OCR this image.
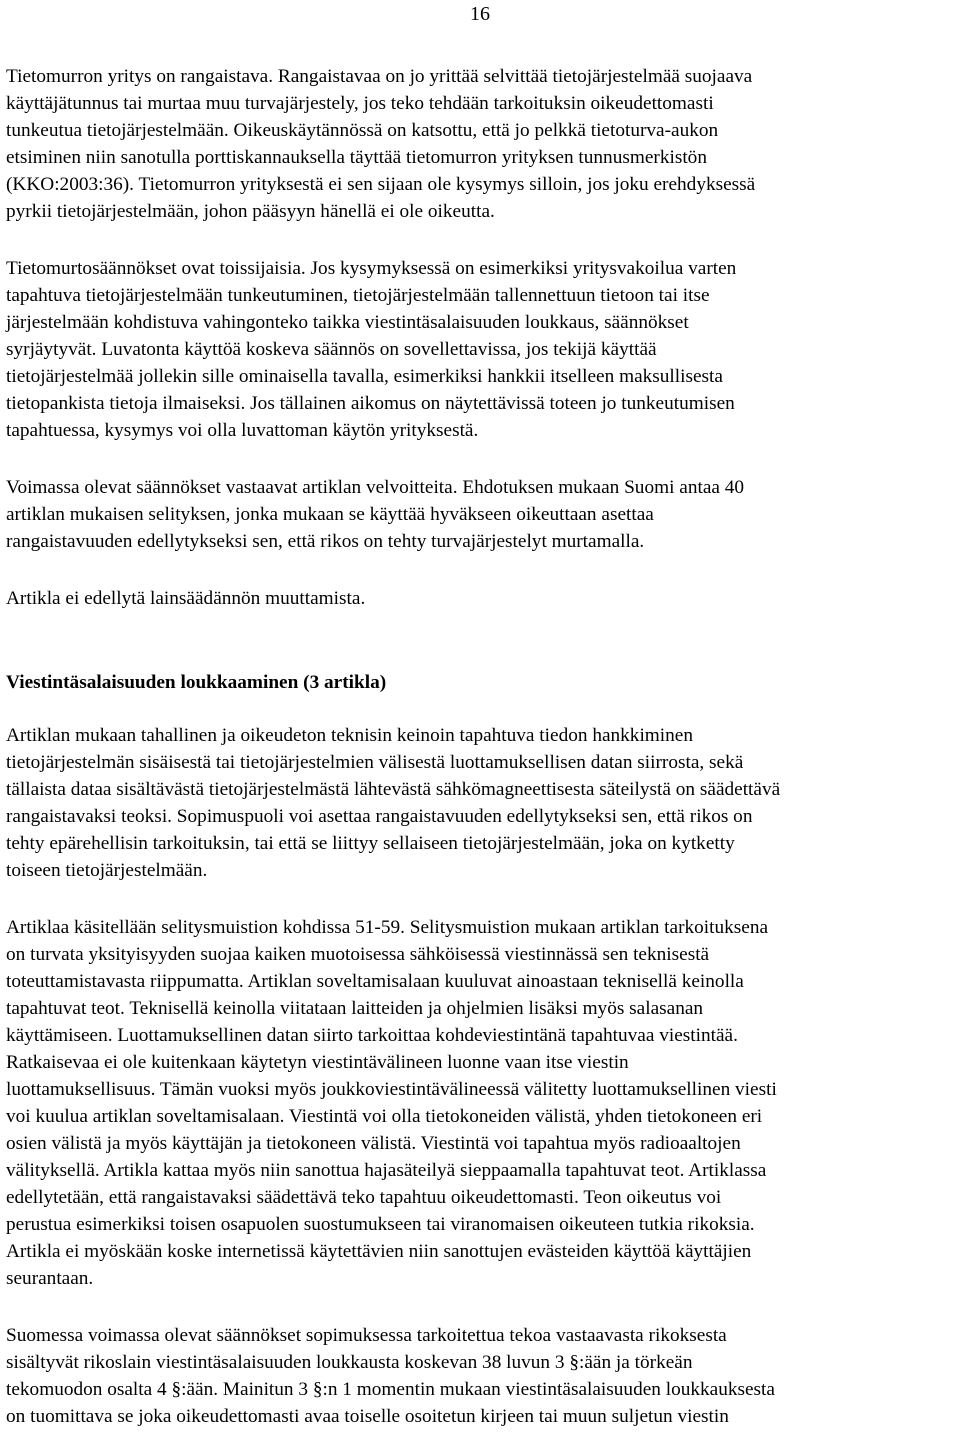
16
Tietomurron yritys on rangaistava. Rangaistavaa on jo yrittää selvittää tietojärjestelmää suojaava
käyttäjätunnus tai murtaa muu turvajärjestely, jos teko tehdään tarkoituksin oikeudettomasti
tunkeutua tietojärjestelmään. Oikeuskäytännössä on katsottu, että jo pelkkä tietoturva-aukon
etsiminen niin sanotulla porttiskannauksella täyttää tietomurron yrityksen tunnusmerkistön
(KKO:2003:36). Tietomurron yrityksestä ei sen sijaan ole kysymys silloin, jos joku erehdyksessä
pyrkii tietojärjestelmään, johon pääsyyn hänellä ei ole oikeutta.
Tietomurtosäännökset ovat toissijaisia. Jos kysymyksessä on esimerkiksi yritysvakoilua varten
tapahtuva tietojärjestelmään tunkeutuminen, tietojärjestelmään tallennettuun tietoon tai itse
järjestelmään kohdistuva vahingonteko taikka viestintäsalaisuuden loukkaus, säännökset
syrjäytyvät. Luvatonta käyttöä koskeva säännös on sovellettavissa, jos tekijä käyttää
tietojärjestelmää jollekin sille ominaisella tavalla, esimerkiksi hankkii itselleen maksullisesta
tietopankista tietoja ilmaiseksi. Jos tällainen aikomus on näytettävissä toteen jo tunkeutumisen
tapahtuessa, kysymys voi olla luvattoman käytön yrityksestä.
Voimassa olevat säännökset vastaavat artiklan velvoitteita. Ehdotuksen mukaan Suomi antaa 40
artiklan mukaisen selityksen, jonka mukaan se käyttää hyväkseen oikeuttaan asettaa
rangaistavuuden edellytykseksi sen, että rikos on tehty turvajärjestelyt murtamalla.
Artikla ei edellytä lainsäädännön muuttamista.
Viestintäsalaisuuden loukkaaminen (3 artikla)
Artiklan mukaan tahallinen ja oikeudeton teknisin keinoin tapahtuva tiedon hankkiminen
tietojärjestelmän sisäisestä tai tietojärjestelmien välisestä luottamuksellisen datan siirrosta, sekä
tällaista dataa sisältävästä tietojärjestelmästä lähtevästä sähkömagneettisesta säteilystä on säädettävä
rangaistavaksi teoksi. Sopimuspuoli voi asettaa rangaistavuuden edellytykseksi sen, että rikos on
tehty epärehellisin tarkoituksin, tai että se liittyy sellaiseen tietojärjestelmään, joka on kytketty
toiseen tietojärjestelmään.
Artiklaa käsitellään selitysmuistion kohdissa 51-59. Selitysmuistion mukaan artiklan tarkoituksena
on turvata yksityisyyden suojaa kaiken muotoisessa sähköisessä viestinnässä sen teknisestä
toteuttamistavasta riippumatta. Artiklan soveltamisalaan kuuluvat ainoastaan teknisellä keinolla
tapahtuvat teot. Teknisellä keinolla viitataan laitteiden ja ohjelmien lisäksi myös salasanan
käyttämiseen. Luottamuksellinen datan siirto tarkoittaa kohdeviestintänä tapahtuvaa viestintää.
Ratkaisevaa ei ole kuitenkaan käytetyn viestintävälineen luonne vaan itse viestin
luottamuksellisuus. Tämän vuoksi myös joukkoviestintävälineessä välitetty luottamuksellinen viesti
voi kuulua artiklan soveltamisalaan. Viestintä voi olla tietokoneiden välistä, yhden tietokoneen eri
osien välistä ja myös käyttäjän ja tietokoneen välistä. Viestintä voi tapahtua myös radioaaltojen
välityksellä. Artikla kattaa myös niin sanottua hajasäteilyä sieppaamalla tapahtuvat teot. Artiklassa
edellytetään, että rangaistavaksi säädettävä teko tapahtuu oikeudettomasti. Teon oikeutus voi
perustua esimerkiksi toisen osapuolen suostumukseen tai viranomaisen oikeuteen tutkia rikoksia.
Artikla ei myöskään koske internetissä käytettävien niin sanottujen evästeiden käyttöä käyttäjien
seurantaan.
Suomessa voimassa olevat säännökset sopimuksessa tarkoitettua tekoa vastaavasta rikoksesta
sisältyvät rikoslain viestintäsalaisuuden loukkausta koskevan 38 luvun 3 §:ään ja törkeän
tekomuodon osalta 4 §:ään. Mainitun 3 §:n 1 momentin mukaan viestintäsalaisuuden loukkauksesta
on tuomittava se joka oikeudettomasti avaa toiselle osoitetun kirjeen tai muun suljetun viestin
